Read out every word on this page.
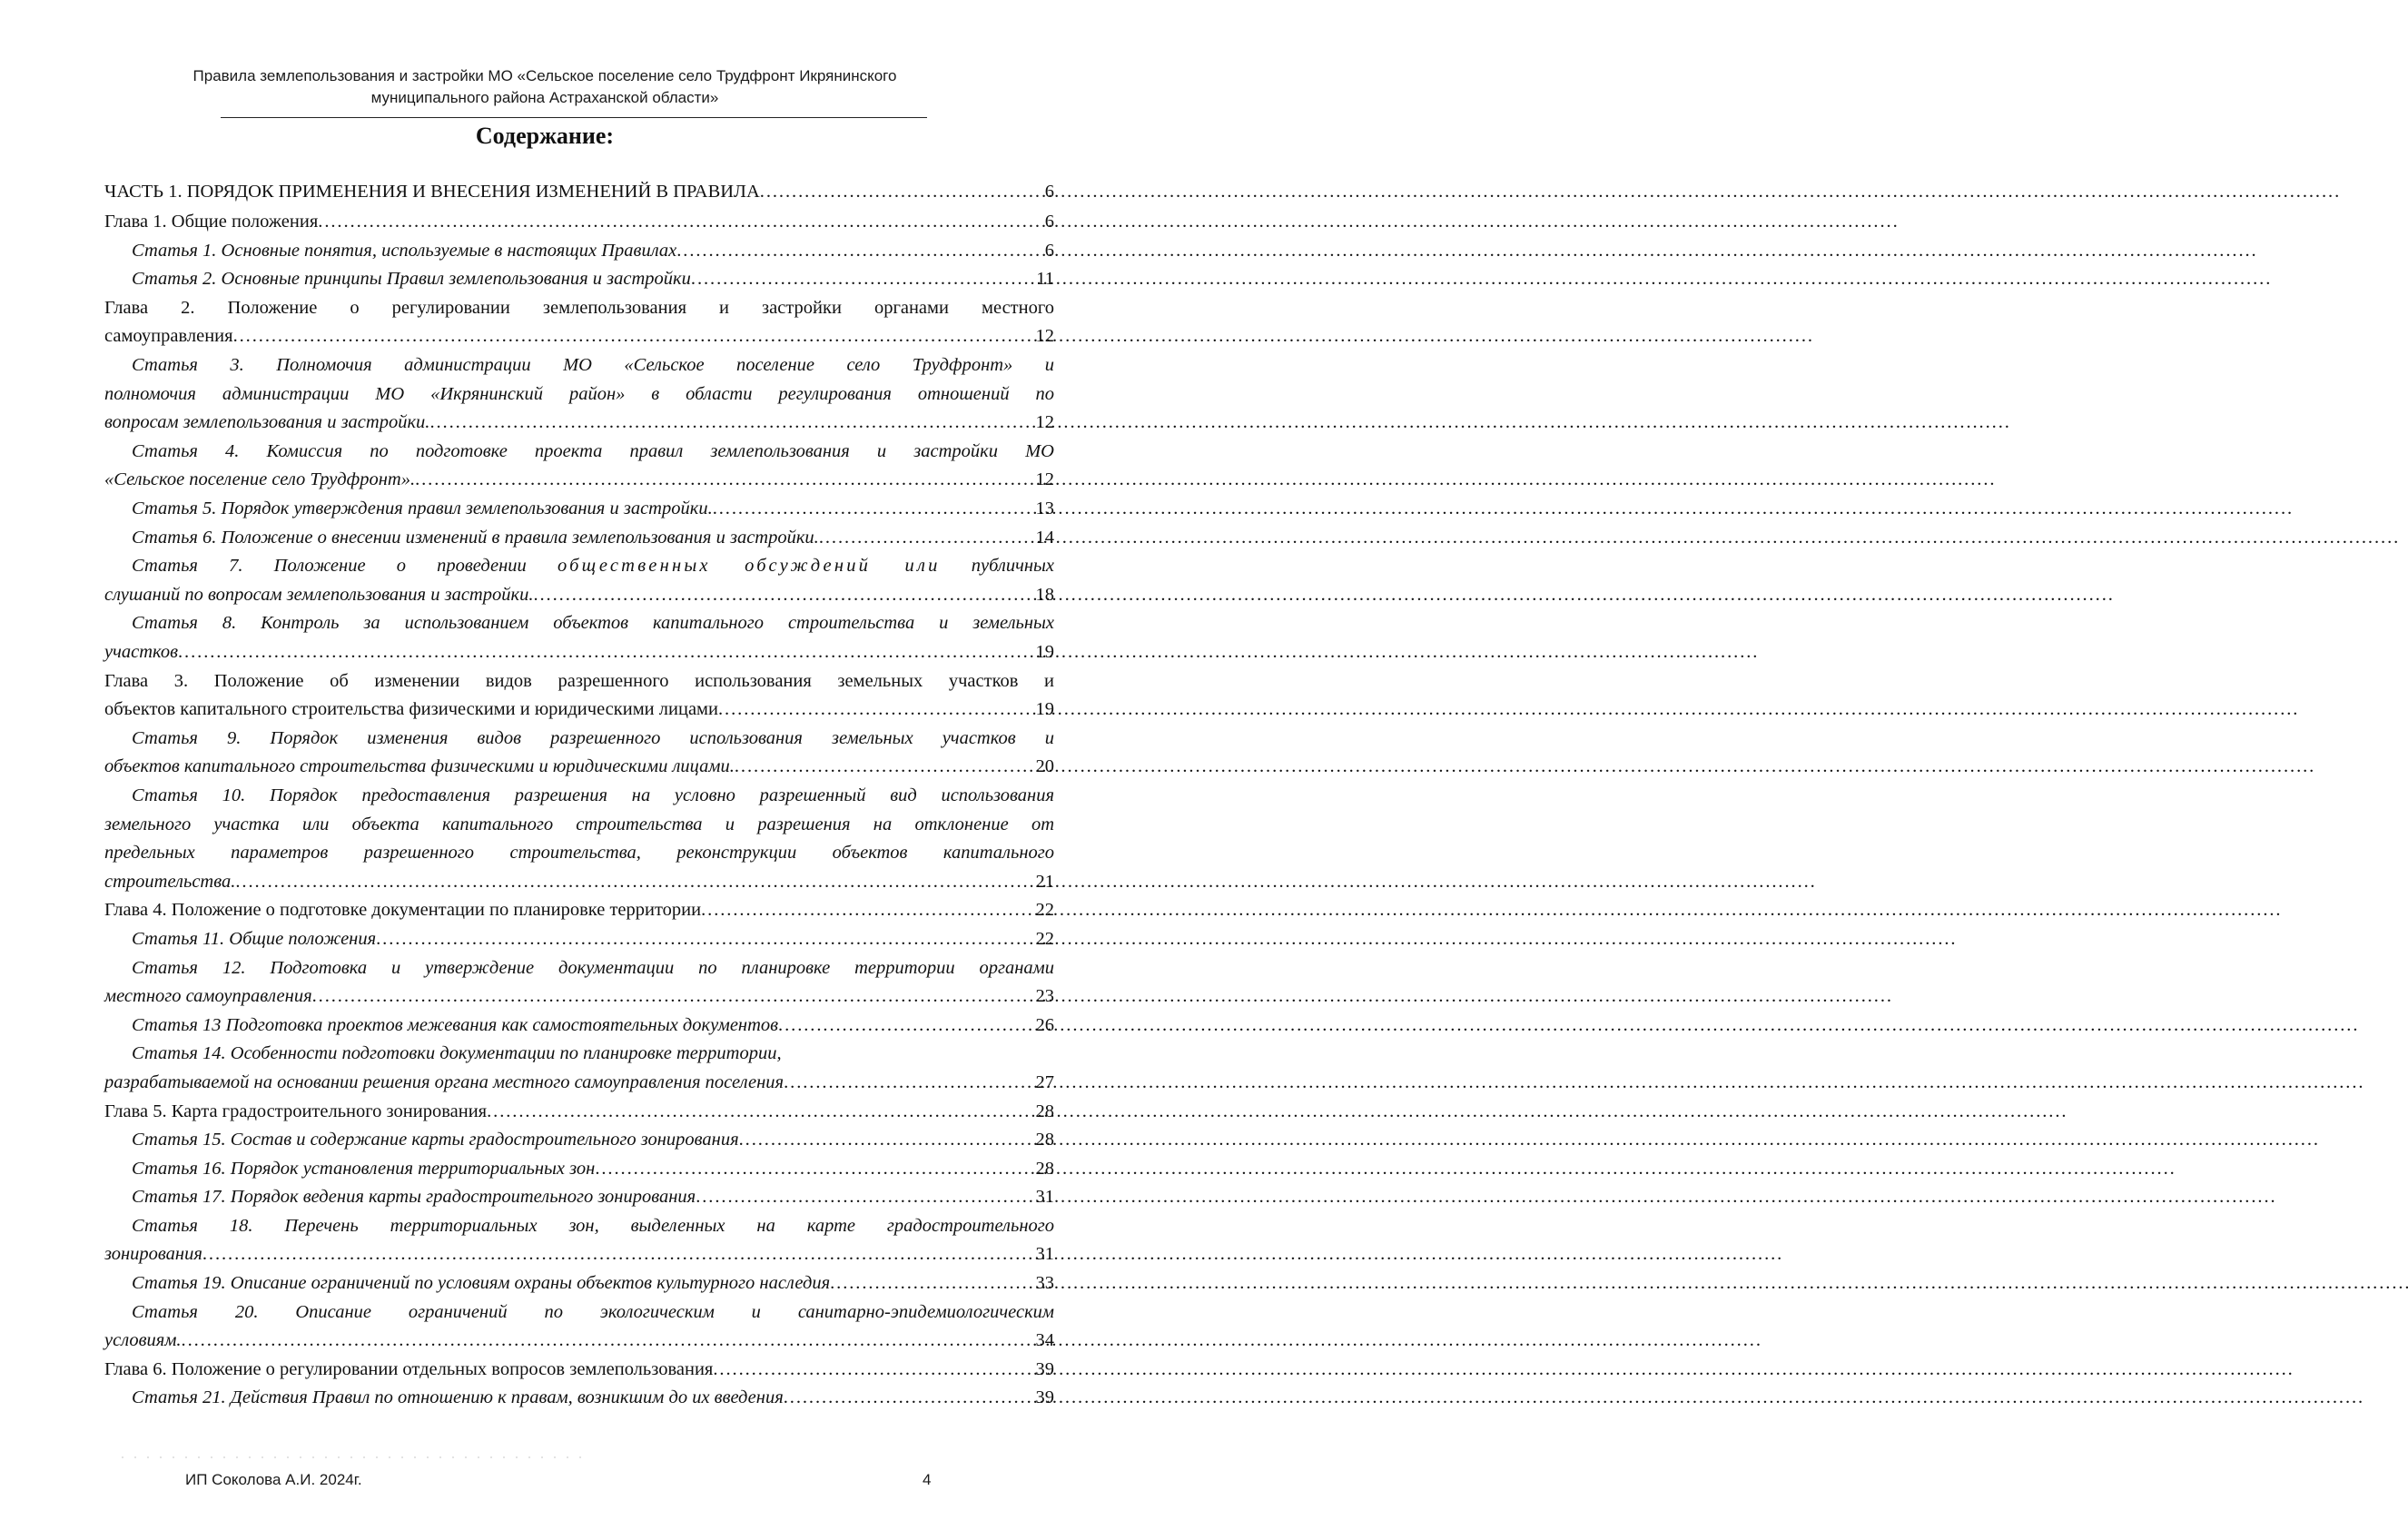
Правила землепользования и застройки МО «Сельское поселение село Трудфронт Икрянинского
муниципального района Астраханской области»
Содержание:
ЧАСТЬ 1. ПОРЯДОК ПРИМЕНЕНИЯ И ВНЕСЕНИЯ ИЗМЕНЕНИЙ В ПРАВИЛА . . .	6
Глава 1. Общие положения . . .	6
Статья 1. Основные понятия, используемые в настоящих Правилах . . .	6
Статья 2. Основные принципы Правил землепользования и застройки . . .	11
Глава 2. Положение о регулировании землепользования и застройки органами местного
самоуправления . . .	12
Статья 3. Полномочия администрации МО «Сельское поселение село Трудфронт» и
полномочия администрации МО «Икрянинский район» в области регулирования отношений по
вопросам землепользования и застройки. . . .	12
Статья 4. Комиссия по подготовке проекта правил землепользования и застройки МО
«Сельское поселение село Трудфронт». . . .	12
Статья 5. Порядок утверждения правил землепользования и застройки. . . .	13
Статья 6. Положение о внесении изменений в правила землепользования и застройки. . . .	14
Статья 7. Положение о проведении общественных обсуждений или публичных
слушаний по вопросам землепользования и застройки. . . .	18
Статья 8. Контроль за использованием объектов капитального строительства и земельных
участков . . .	19
Глава 3. Положение об изменении видов разрешенного использования земельных участков и
объектов капитального строительства физическими и юридическими лицами . . .	19
Статья 9. Порядок изменения видов разрешенного использования земельных участков и
объектов капитального строительства физическими и юридическими лицами. . . .	20
Статья 10. Порядок предоставления разрешения на условно разрешенный вид использования
земельного участка или объекта капитального строительства и разрешения на отклонение от
предельных параметров разрешенного строительства, реконструкции объектов капитального
строительства. . . .	21
Глава 4. Положение о подготовке документации по планировке территории . . .	22
Статья 11. Общие положения . . .	22
Статья 12. Подготовка и утверждение документации по планировке территории органами
местного самоуправления . . .	23
Статья 13 Подготовка проектов межевания как самостоятельных документов . . .	26
Статья 14. Особенности подготовки документации по планировке территории,
разрабатываемой на основании решения органа местного самоуправления поселения . . .	27
Глава 5. Карта градостроительного зонирования . . .	28
Статья 15. Состав и содержание карты градостроительного зонирования . . .	28
Статья 16. Порядок установления территориальных зон . . .	28
Статья 17. Порядок ведения карты градостроительного зонирования . . .	31
Статья 18. Перечень территориальных зон, выделенных на карте градостроительного
зонирования . . .	31
Статья 19. Описание ограничений по условиям охраны объектов культурного наследия . . .	33
Статья 20. Описание ограничений по экологическим и санитарно-эпидемиологическим
условиям. . . .	34
Глава 6. Положение о регулировании отдельных вопросов землепользования . . .	39
Статья 21. Действия Правил по отношению к правам, возникшим до их введения . . .	39
ИП Соколова А.И. 2024г.	4
